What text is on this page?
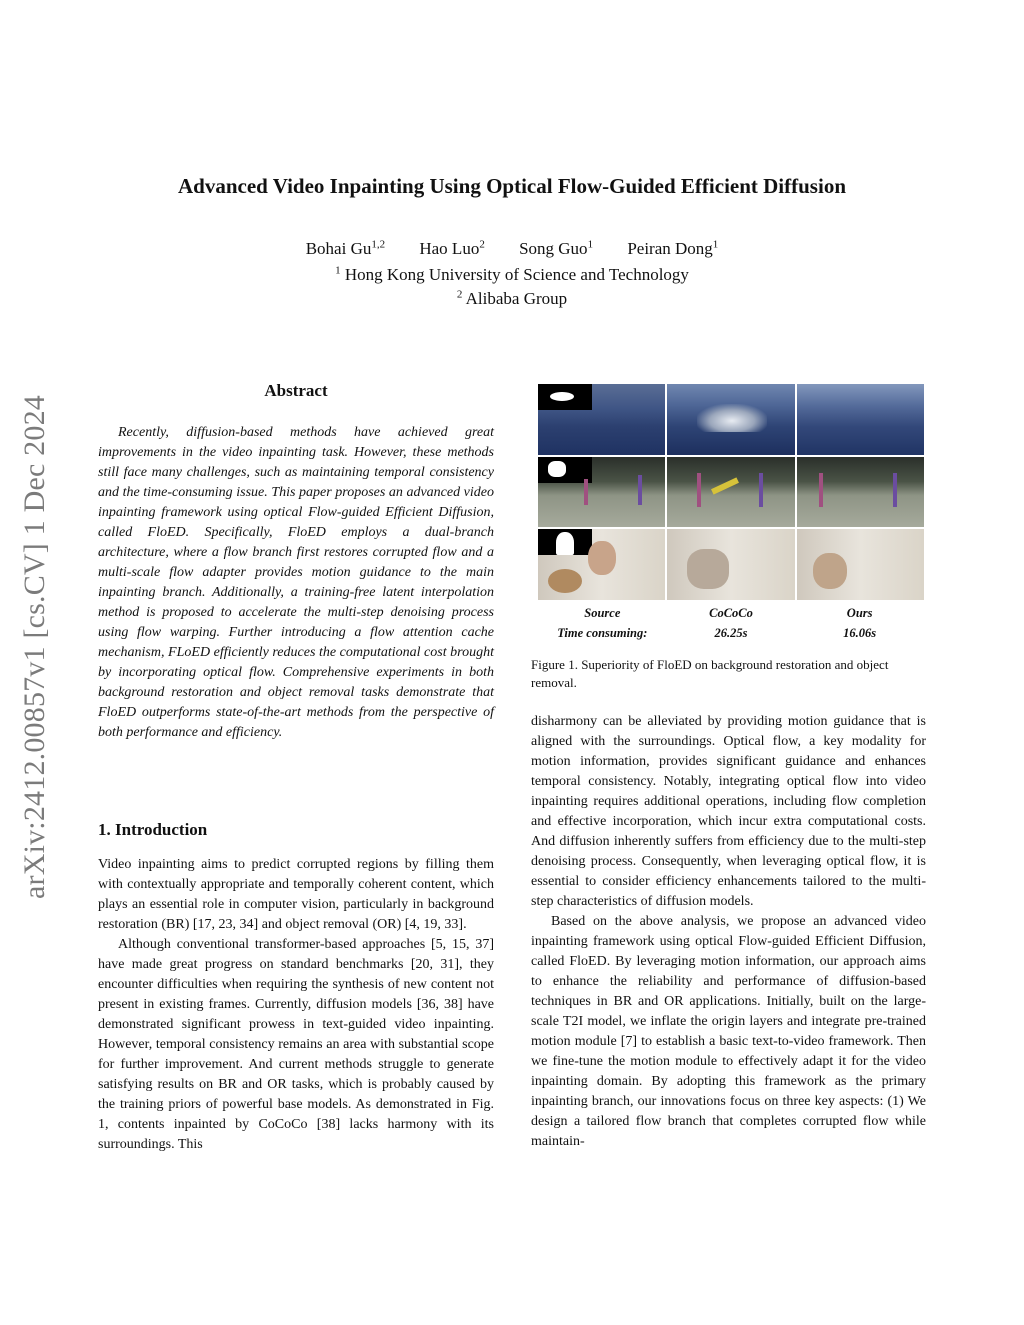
arXiv:2412.00857v1 [cs.CV] 1 Dec 2024
Advanced Video Inpainting Using Optical Flow-Guided Efficient Diffusion
Bohai Gu$^{1,2}$ Hao Luo$^2$ Song Guo$^1$ Peiran Dong$^1$
$^1$ Hong Kong University of Science and Technology
$^2$ Alibaba Group
Abstract
Recently, diffusion-based methods have achieved great improvements in the video inpainting task. However, these methods still face many challenges, such as maintaining temporal consistency and the time-consuming issue. This paper proposes an advanced video inpainting framework using optical Flow-guided Efficient Diffusion, called FloED. Specifically, FloED employs a dual-branch architecture, where a flow branch first restores corrupted flow and a multi-scale flow adapter provides motion guidance to the main inpainting branch. Additionally, a training-free latent interpolation method is proposed to accelerate the multi-step denoising process using flow warping. Further introducing a flow attention cache mechanism, FLoED efficiently reduces the computational cost brought by incorporating optical flow. Comprehensive experiments in both background restoration and object removal tasks demonstrate that FloED outperforms state-of-the-art methods from the perspective of both performance and efficiency.
1. Introduction

Video inpainting aims to predict corrupted regions by filling them with contextually appropriate and temporally coherent content, which plays an essential role in computer vision, particularly in background restoration (BR) [17, 23, 34] and object removal (OR) [4, 19, 33].

Although conventional transformer-based approaches [5, 15, 37] have made great progress on standard benchmarks [20, 31], they encounter difficulties when requiring the synthesis of new content not present in existing frames. Currently, diffusion models [36, 38] have demonstrated significant prowess in text-guided video inpainting. However, temporal consistency remains an area with substantial scope for further improvement. And current methods struggle to generate satisfying results on BR and OR tasks, which is probably caused by the training priors of powerful base models. As demonstrated in Fig. 1, contents inpainted by CoCoCo [38] lacks harmony with its surroundings. This

Source	CoCoCo	Ours
Time consuming:	26.25s	16.06s
Figure 1. Superiority of FloED on background restoration and object removal.

disharmony can be alleviated by providing motion guidance that is aligned with the surroundings. Optical flow, a key modality for motion information, provides significant guidance and enhances temporal consistency. Notably, integrating optical flow into video inpainting requires additional operations, including flow completion and effective incorporation, which incur extra computational costs. And diffusion inherently suffers from efficiency due to the multi-step denoising process. Consequently, when leveraging optical flow, it is essential to consider efficiency enhancements tailored to the multi-step characteristics of diffusion models.

Based on the above analysis, we propose an advanced video inpainting framework using optical Flow-guided Efficient Diffusion, called FloED. By leveraging motion information, our approach aims to enhance the reliability and performance of diffusion-based techniques in BR and OR applications. Initially, built on the large-scale T2I model, we inflate the origin layers and integrate pre-trained motion module [7] to establish a basic text-to-video framework. Then we fine-tune the motion module to effectively adapt it for the video inpainting domain. By adopting this framework as the primary inpainting branch, our innovations focus on three key aspects: (1) We design a tailored flow branch that completes corrupted flow while maintain-
